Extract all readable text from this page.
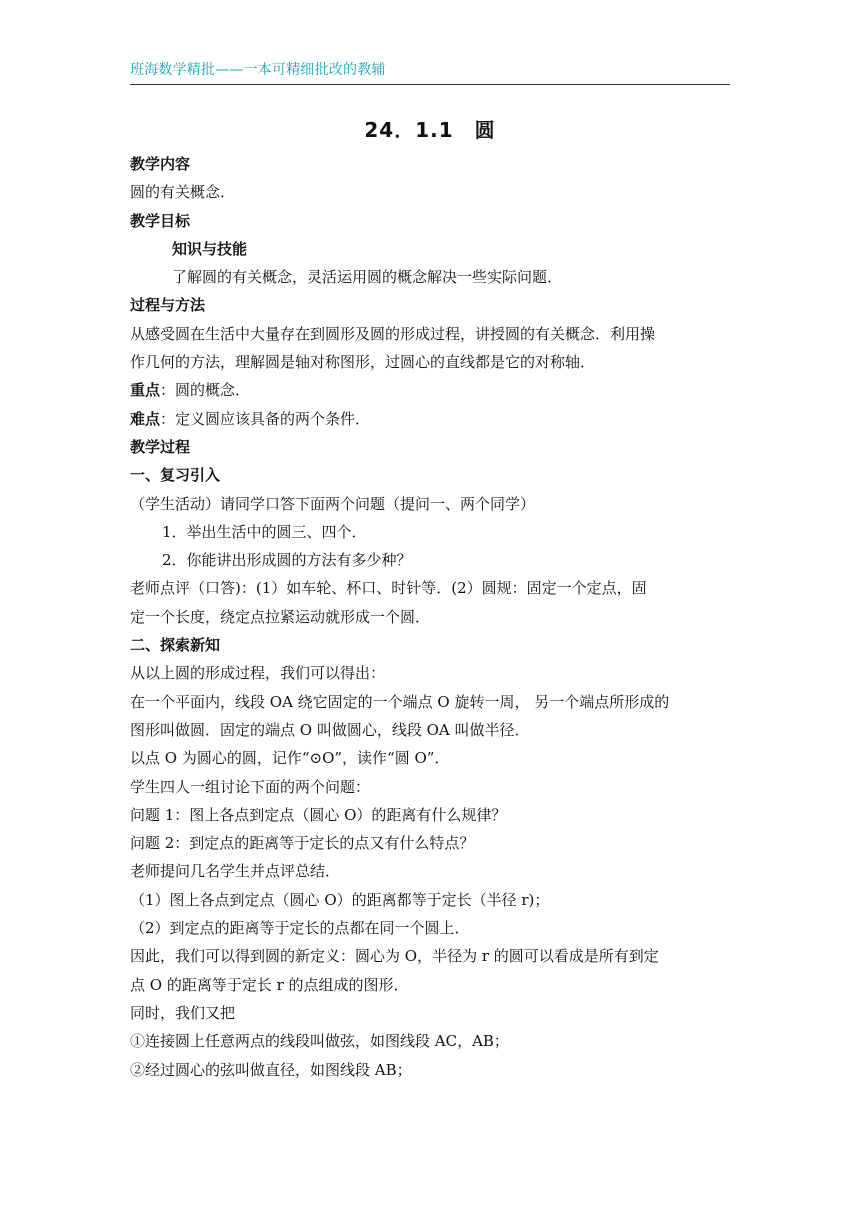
班海数学精批——一本可精细批改的教辅
24．1.1　圆
教学内容
圆的有关概念．
教学目标
知识与技能
了解圆的有关概念，灵活运用圆的概念解决一些实际问题．
过程与方法
从感受圆在生活中大量存在到圆形及圆的形成过程，讲授圆的有关概念．利用操
作几何的方法，理解圆是轴对称图形，过圆心的直线都是它的对称轴．
重点：圆的概念．
难点：定义圆应该具备的两个条件．
教学过程
一、复习引入
（学生活动）请同学口答下面两个问题（提问一、两个同学）
1．举出生活中的圆三、四个．
2．你能讲出形成圆的方法有多少种？
老师点评（口答)：(1）如车轮、杯口、时针等．(2）圆规：固定一个定点，固
定一个长度，绕定点拉紧运动就形成一个圆．
二、探索新知
从以上圆的形成过程，我们可以得出：
在一个平面内，线段 OA 绕它固定的一个端点 O 旋转一周， 另一个端点所形成的
图形叫做圆．固定的端点 O 叫做圆心，线段 OA 叫做半径．
以点 O 为圆心的圆，记作“⊙O”，读作“圆 O”．
学生四人一组讨论下面的两个问题：
问题 1：图上各点到定点（圆心 O）的距离有什么规律？
问题 2：到定点的距离等于定长的点又有什么特点？
老师提问几名学生并点评总结．
（1）图上各点到定点（圆心 O）的距离都等于定长（半径 r)；
（2）到定点的距离等于定长的点都在同一个圆上．
因此，我们可以得到圆的新定义：圆心为 O，半径为 r 的圆可以看成是所有到定
点 O 的距离等于定长 r 的点组成的图形．
同时，我们又把
①连接圆上任意两点的线段叫做弦，如图线段 AC，AB；
②经过圆心的弦叫做直径，如图线段 AB；
